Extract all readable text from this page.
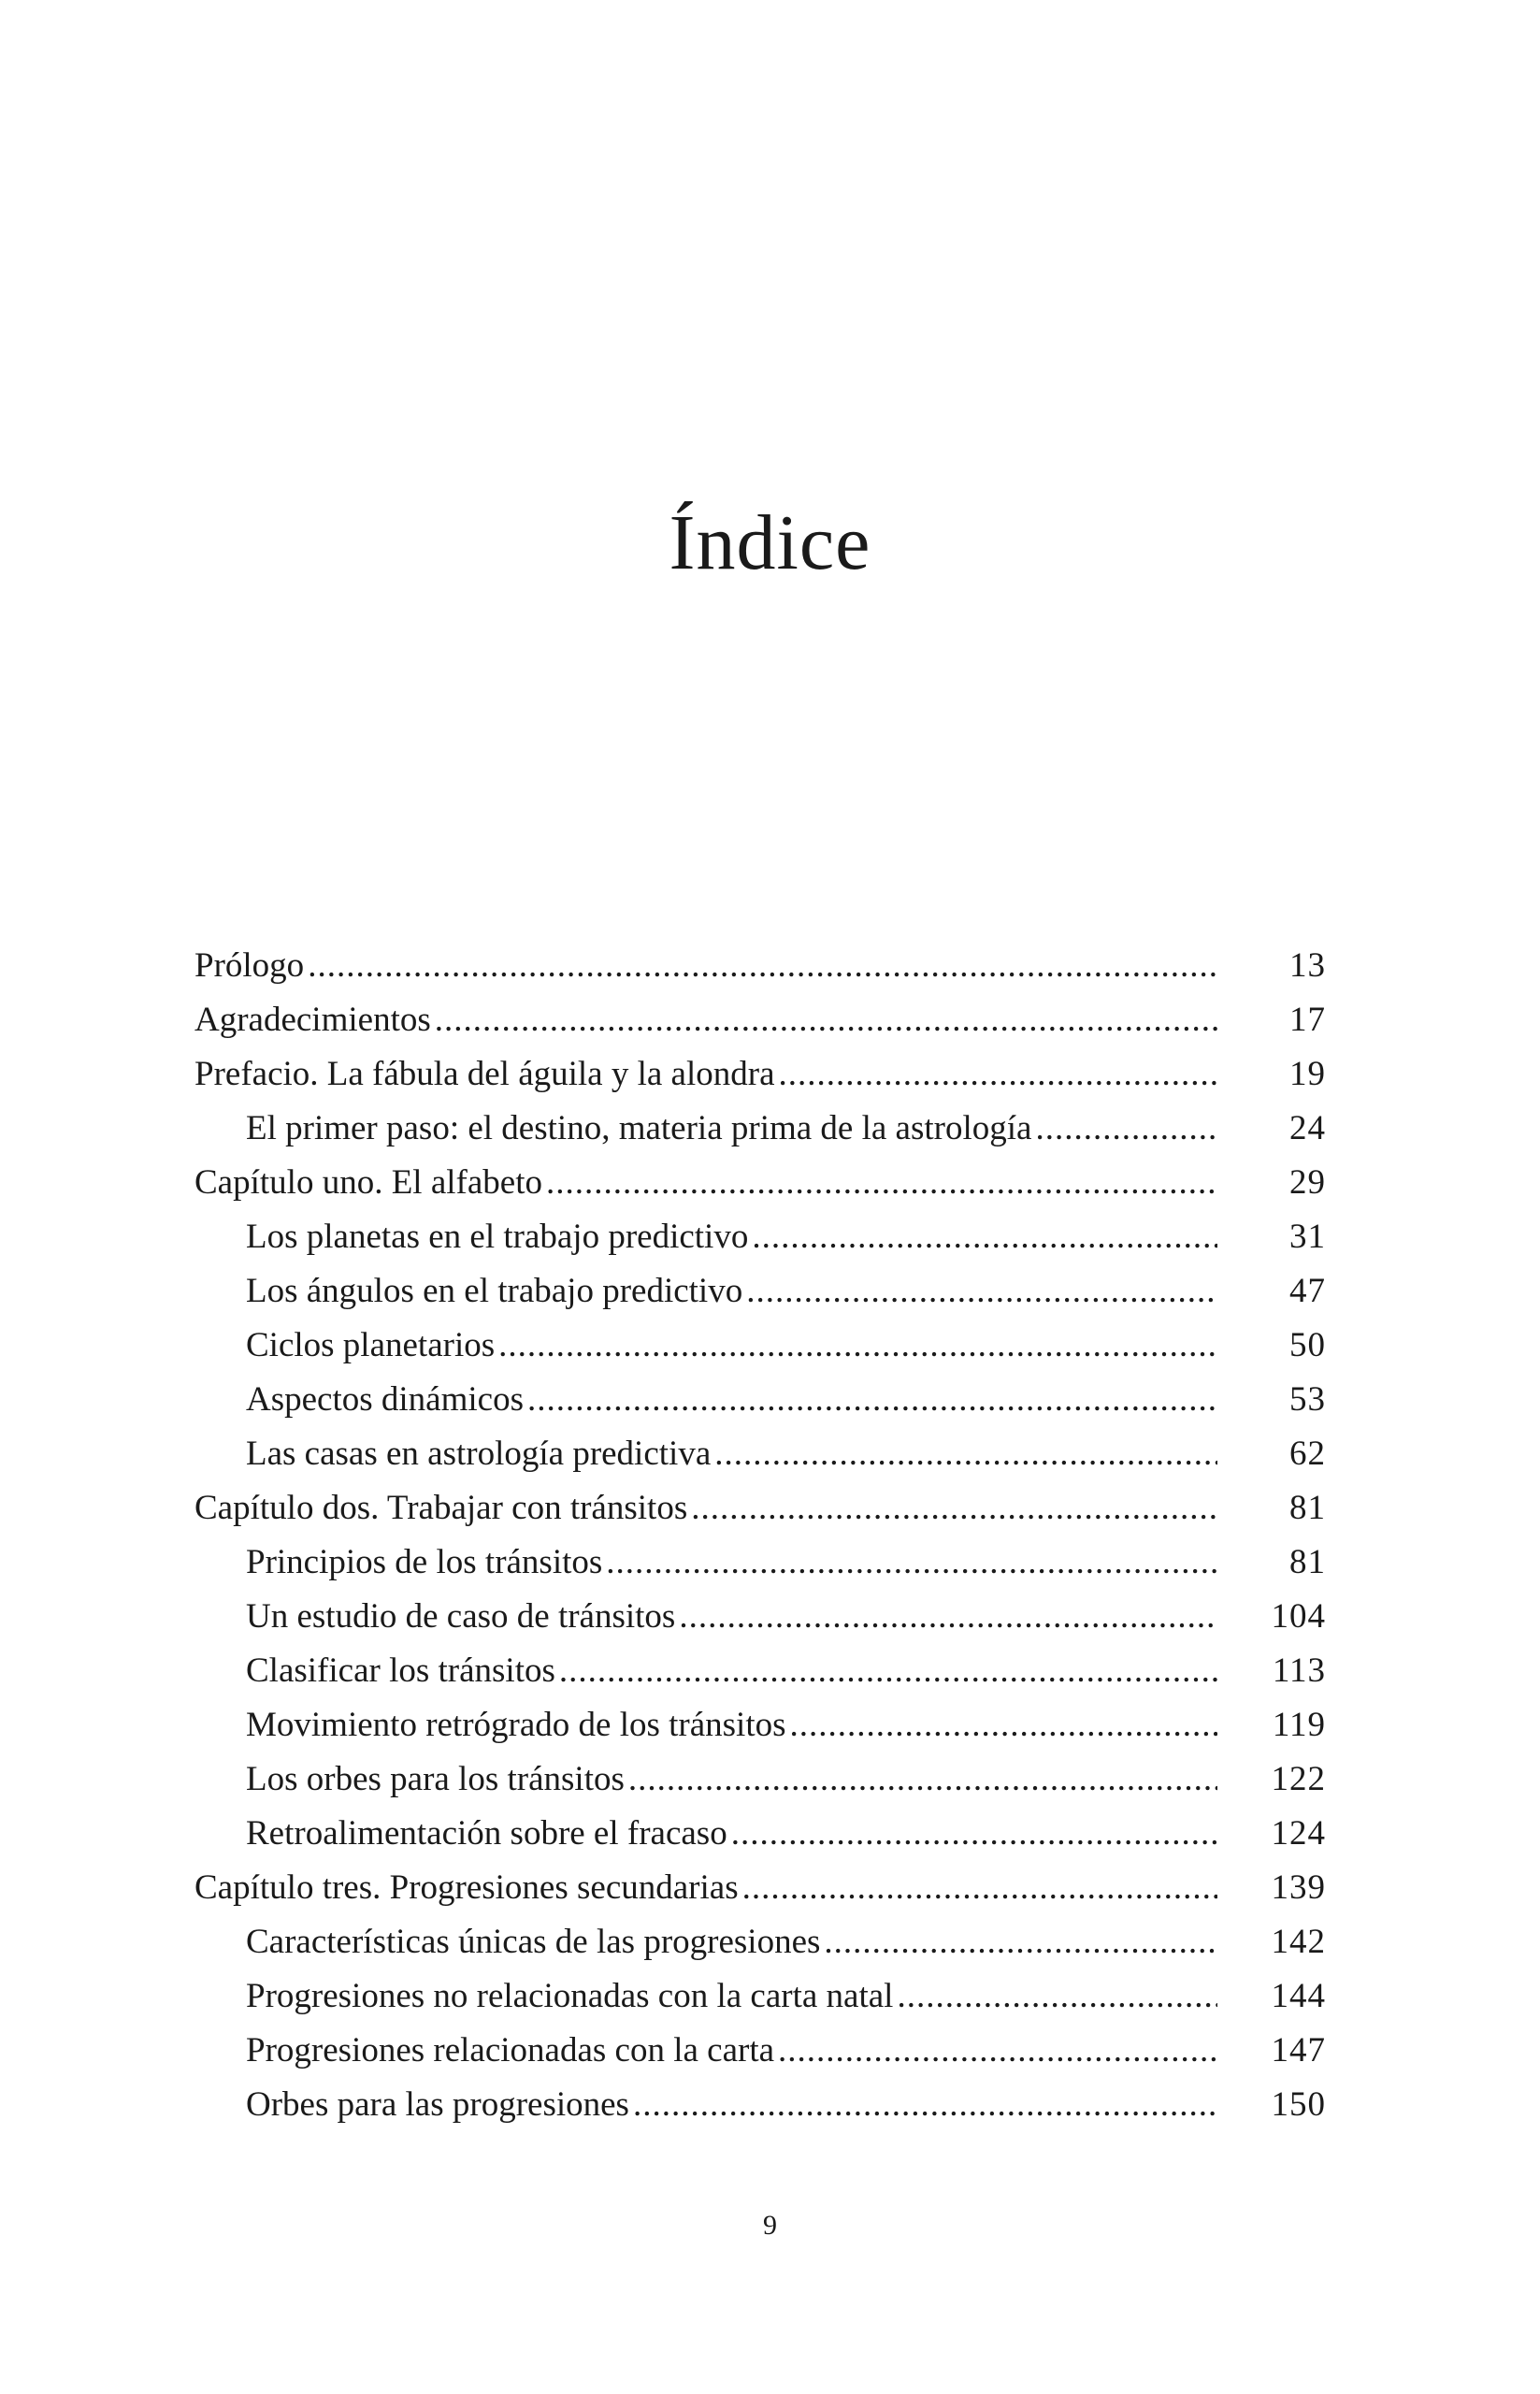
Índice
Prólogo .....	13
Agradecimientos .....	17
Prefacio. La fábula del águila y la alondra .....	19
El primer paso: el destino, materia prima de la astrología .....	24
Capítulo uno. El alfabeto .....	29
Los planetas en el trabajo predictivo .....	31
Los ángulos en el trabajo predictivo .....	47
Ciclos planetarios .....	50
Aspectos dinámicos .....	53
Las casas en astrología predictiva .....	62
Capítulo dos. Trabajar con tránsitos .....	81
Principios de los tránsitos .....	81
Un estudio de caso de tránsitos .....	104
Clasificar los tránsitos .....	113
Movimiento retrógrado de los tránsitos .....	119
Los orbes para los tránsitos .....	122
Retroalimentación sobre el fracaso .....	124
Capítulo tres. Progresiones secundarias .....	139
Características únicas de las progresiones .....	142
Progresiones no relacionadas con la carta natal .....	144
Progresiones relacionadas con la carta .....	147
Orbes para las progresiones .....	150
9
